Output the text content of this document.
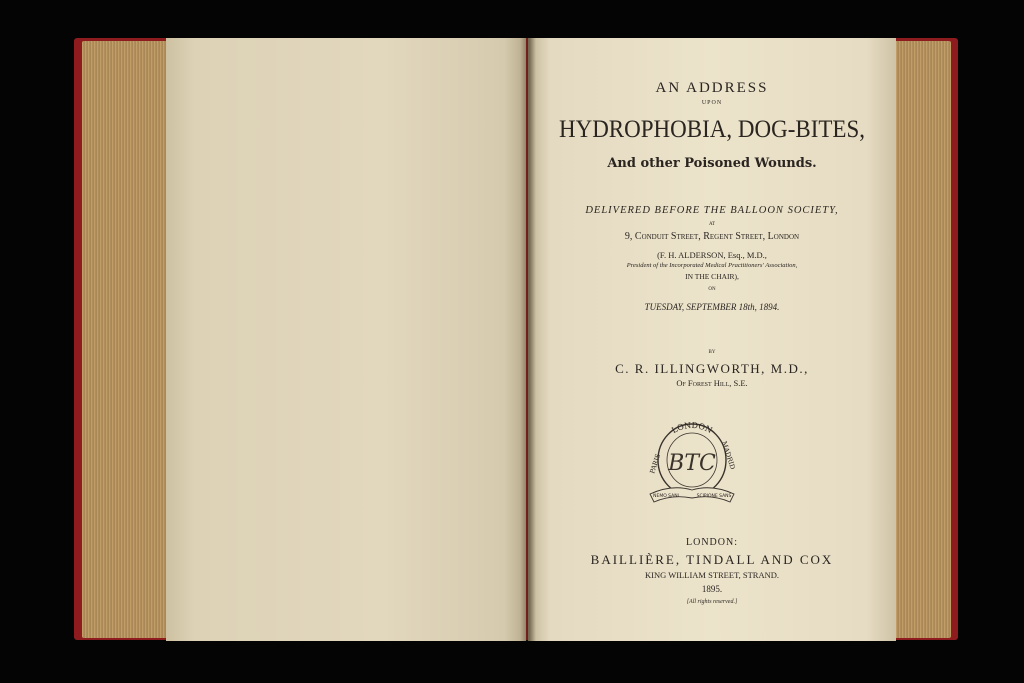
AN ADDRESS
UPON
HYDROPHOBIA, DOG-BITES,
And other Poisoned Wounds.
DELIVERED BEFORE THE BALLOON SOCIETY,
AT
9, Conduit Street, Regent Street, London
(F. H. ALDERSON, Esq., M.D.,
President of the Incorporated Medical Practitioners' Association,
IN THE CHAIR),
ON
TUESDAY, SEPTEMBER 18th, 1894.
BY
C. R. ILLINGWORTH, M.D.,
Of Forest Hill, S.E.
LONDON
PARIS	MADRID
BTC
NEMO SANI	SCIPIONE SANS
LONDON:
BAILLIÈRE, TINDALL AND COX
KING WILLIAM STREET, STRAND.
1895.
[All rights reserved.]
